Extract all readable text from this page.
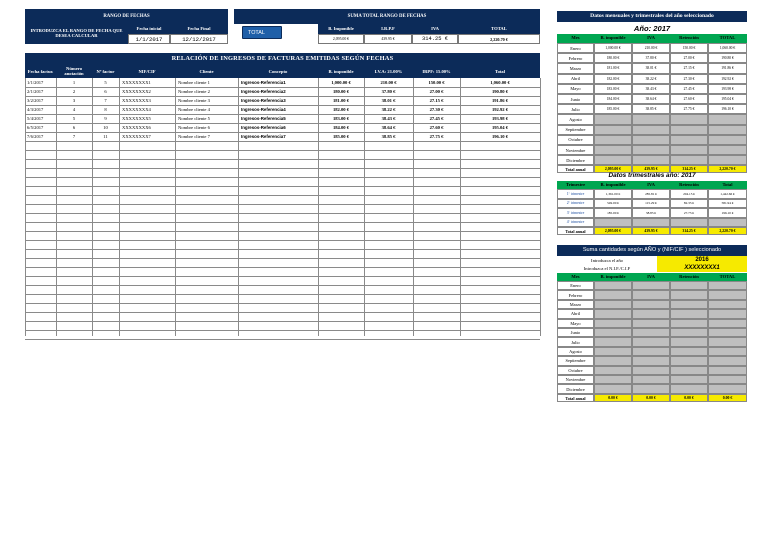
RANGO DE FECHAS	SUMA TOTAL RANGO DE FECHAS
INTRODUZCA EL RANGO DE FECHA QUE DESEA CALCULAR
Fecha inicial	Fecha Final
1/1/2017	12/12/2017
TOTAL
B. Imponible	I.R.P.F	IVA	TOTAL
2,095.00 €	439.95 €	314.25 €	2,220.70 €
RELACIÓN DE INGRESOS DE FACTURAS EMITIDAS SEGÚN FECHAS
Fecha factur.	Número anotación	Nº factur	NIF/CIF	Cliente	Concepto	B. imponible	I.V.A: 21.00%	IRPF: 15.00%	Total
1/1/2017	1	5	XXXXXXXX1	Nombre cliente 1	Ingresos-Referencia1	1,000.00 €	210.00 €	150.00 €	1,060.00 €
2/1/2017	2	6	XXXXXXXX2	Nombre cliente 2	Ingresos-Referencia2	180.00 €	37.80 €	27.00 €	190.80 €
3/2/2017	3	7	XXXXXXXX3	Nombre cliente 3	Ingresos-Referencia3	181.00 €	38.01 €	27.15 €	191.86 €
4/3/2017	4	8	XXXXXXXX4	Nombre cliente 4	Ingresos-Referencia4	182.00 €	38.22 €	27.30 €	192.92 €
5/4/2017	5	9	XXXXXXXX5	Nombre cliente 5	Ingresos-Referencia5	183.00 €	38.43 €	27.45 €	193.98 €
6/5/2017	6	10	XXXXXXXX6	Nombre cliente 6	Ingresos-Referencia6	184.00 €	38.64 €	27.60 €	195.04 €
7/6/2017	7	11	XXXXXXXX7	Nombre cliente 7	Ingresos-Referencia7	185.00 €	38.85 €	27.75 €	196.10 €
Datos mensuales y trimestrales del año seleccionado
Año: 2017
Mes	B. imponible	IVA	Retención	TOTAL
Enero	1,000.00 €	210.00 €	150.00 €	1,060.00 €
Febrero	180.00 €	37.80 €	27.00 €	190.80 €
Marzo	181.00 €	38.01 €	27.15 €	191.86 €
Abril	182.00 €	38.22 €	27.30 €	192.92 €
Mayo	183.00 €	38.43 €	27.45 €	193.98 €
Junio	184.00 €	38.64 €	27.60 €	195.04 €
Julio	185.00 €	38.85 €	27.75 €	196.10 €
Agosto
Septiembre
Octubre
Noviembre
Diciembre
Total anual	2,095.00 €	439.95 €	314.25 €	2,220.70 €
Datos trimestrales año: 2017
Trimestre	B. imponible	IVA	Retención	Total
1º trimestre	1,361.00 €	285.81 €	204.15 €	1,442.66 €
2º trimestre	549.00 €	115.29 €	82.35 €	581.94 €
3º trimestre	185.00 €	38.85 €	27.75 €	196.10 €
4º trimestre
Total anual	2,095.00 €	439.95 €	314.25 €	2,220.70 €
Suma cantidades según AÑO y (NIF/CIF ) seleccionado
Introduzca el año	2016
Introduzca el N.I.F./C.I.F	XXXXXXXX1
Mes	B. imponible	IVA	Retención	TOTAL
Enero
Febrero
Marzo
Abril
Mayo
Junio
Julio
Agosto
Septiembre
Octubre
Noviembre
Diciembre
Total anual	0.00 €	0.00 €	0.00 €	0.00 €
